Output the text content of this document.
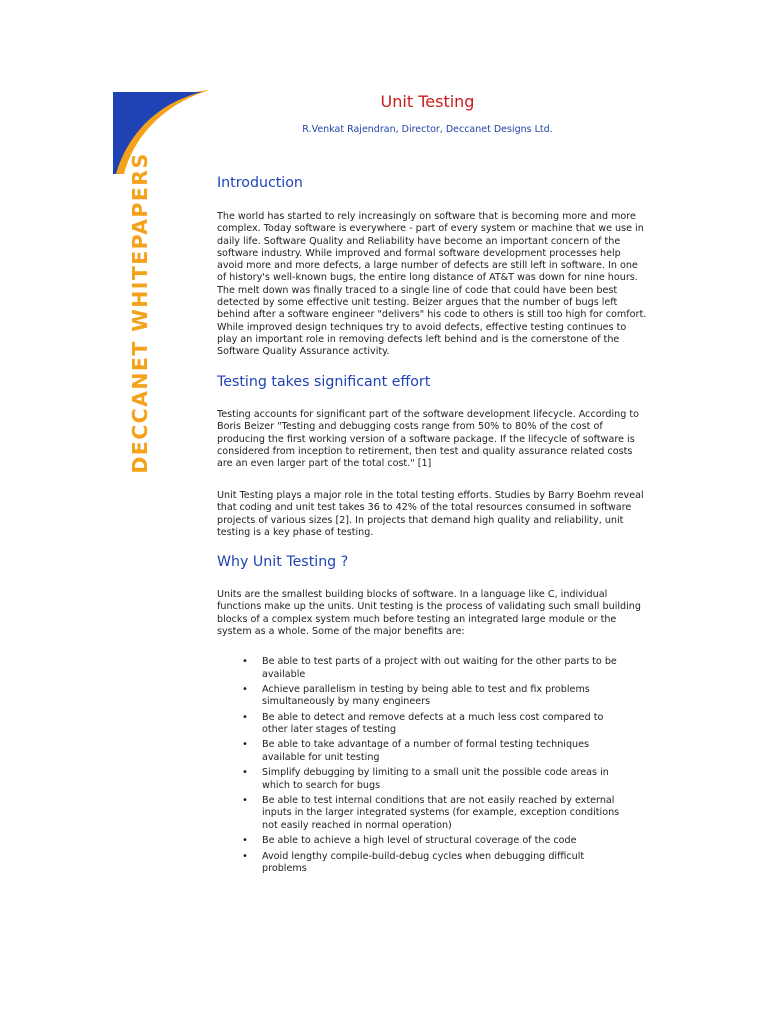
DECCANET WHITEPAPERS
Unit Testing
R.Venkat Rajendran, Director, Deccanet Designs Ltd.
Introduction

The world has started to rely increasingly on software that is becoming more and more complex. Today software is everywhere - part of every system or machine that we use in daily life. Software Quality and Reliability have become an important concern of the software industry. While improved and formal software development processes help avoid more and more defects, a large number of defects are still left in software. In one of history's well-known bugs, the entire long distance of AT&T was down for nine hours. The melt down was finally traced to a single line of code that could have been best detected by some effective unit testing. Beizer argues that the number of bugs left behind after a software engineer "delivers" his code to others is still too high for comfort. While improved design techniques try to avoid defects, effective testing continues to play an important role in removing defects left behind and is the cornerstone of the Software Quality Assurance activity.

Testing takes significant effort

Testing accounts for significant part of the software development lifecycle. According to Boris Beizer "Testing and debugging costs range from 50% to 80% of the cost of producing the first working version of a software package. If the lifecycle of software is considered from inception to retirement, then test and quality assurance related costs are an even larger part of the total cost." [1]

Unit Testing plays a major role in the total testing efforts. Studies by Barry Boehm reveal that coding and unit test takes 36 to 42% of the total resources consumed in software projects of various sizes [2]. In projects that demand high quality and reliability, unit testing is a key phase of testing.

Why Unit Testing ?

Units are the smallest building blocks of software. In a language like C, individual functions make up the units. Unit testing is the process of validating such small building blocks of a complex system much before testing an integrated large module or the system as a whole. Some of the major benefits are:

• Be able to test parts of a project with out waiting for the other parts to be available
• Achieve parallelism in testing by being able to test and fix problems simultaneously by many engineers
• Be able to detect and remove defects at a much less cost compared to other later stages of testing
• Be able to take advantage of a number of formal testing techniques available for unit testing
• Simplify debugging by limiting to a small unit the possible code areas in which to search for bugs
• Be able to test internal conditions that are not easily reached by external inputs in the larger integrated systems (for example, exception conditions not easily reached in normal operation)
• Be able to achieve a high level of structural coverage of the code
• Avoid lengthy compile-build-debug cycles when debugging difficult problems
